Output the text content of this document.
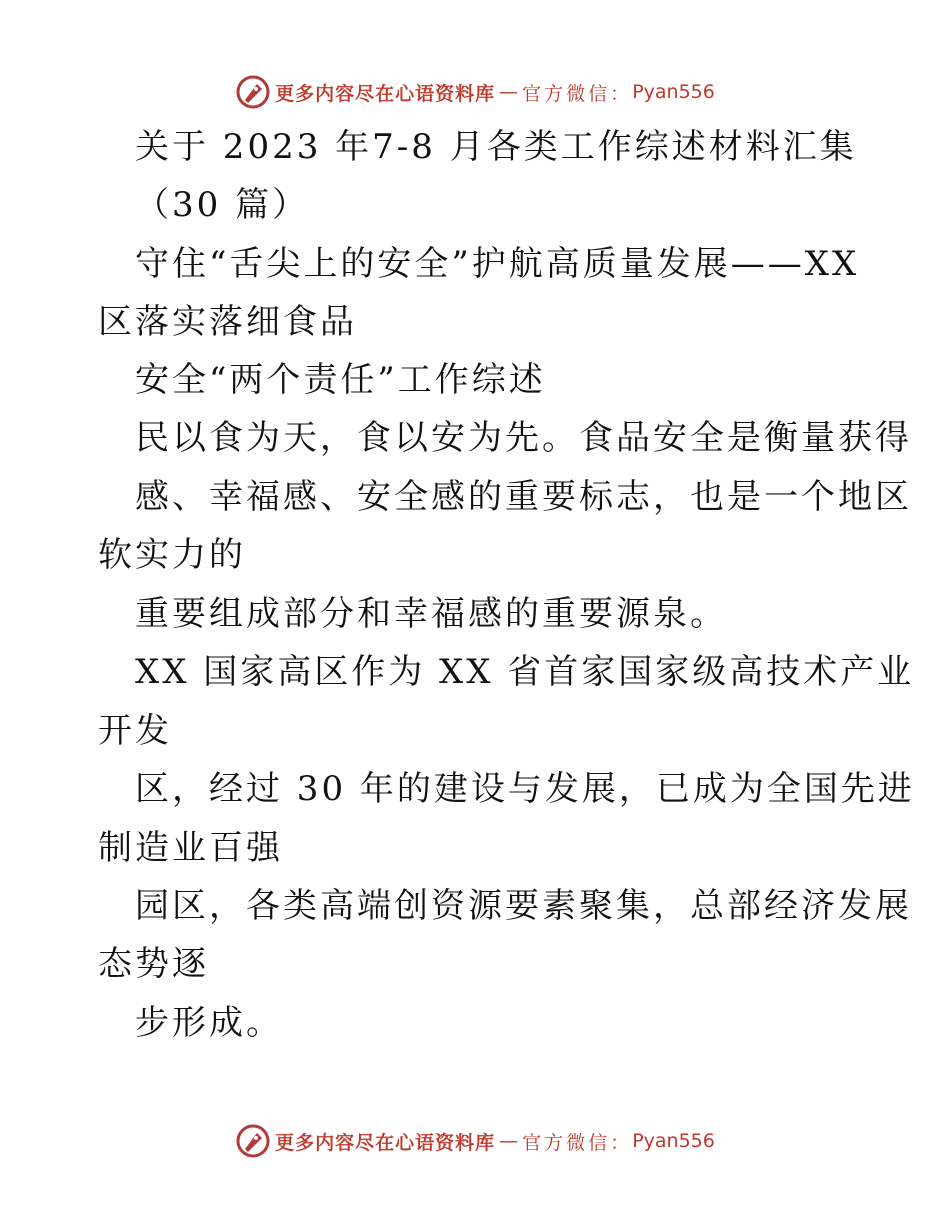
更多内容尽在心语资料库 — 官方微信： Pyan556

关于 2023 年7-8 月各类工作综述材料汇集

（30 篇）

守住“舌尖上的安全”护航高质量发展——XX

区落实落细食品

安全“两个责任”工作综述

民以食为天，食以安为先。食品安全是衡量获得

感、幸福感、安全感的重要标志，也是一个地区

软实力的

重要组成部分和幸福感的重要源泉。

XX 国家高区作为 XX 省首家国家级高技术产业

开发

区，经过 30 年的建设与发展，已成为全国先进

制造业百强

园区，各类高端创资源要素聚集，总部经济发展

态势逐

步形成。

更多内容尽在心语资料库 — 官方微信： Pyan556
